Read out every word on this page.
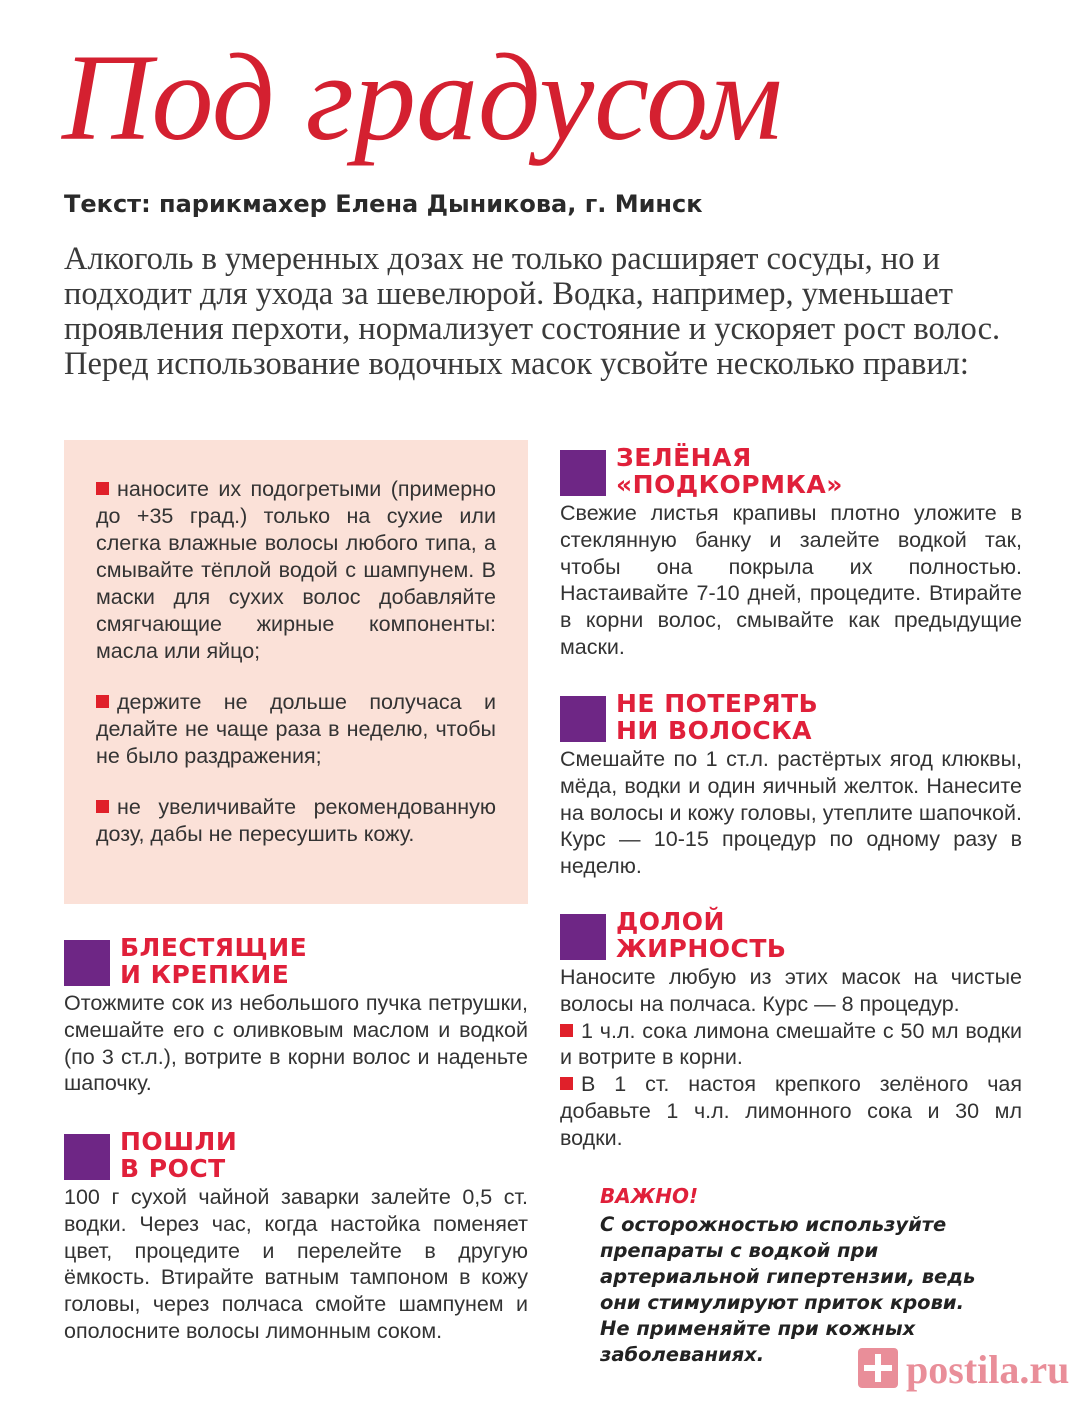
Под градусом

Текст: парикмахер Елена Дыникова, г. Минск

Алкоголь в умеренных дозах не только расширяет сосуды, но и подходит для ухода за шевелюрой. Водка, например, уменьшает проявления перхоти, нормализует состояние и ускоряет рост волос. Перед использование водочных масок усвойте несколько правил:

наносите их подогретыми (примерно до +35 град.) только на сухие или слегка влажные волосы любого типа, а смывайте тёплой водой с шампунем. В маски для сухих волос добавляйте смягчающие жирные компоненты: масла или яйцо;

держите не дольше получаса и делайте не чаще раза в неделю, чтобы не было раздражения;

не увеличивайте рекомендованную дозу, дабы не пересушить кожу.

БЛЕСТЯЩИЕ
И КРЕПКИЕ

Отожмите сок из небольшого пучка петрушки, смешайте его с оливковым маслом и водкой (по 3 ст.л.), вотрите в корни волос и наденьте шапочку.

ПОШЛИ
В РОСТ

100 г сухой чайной заварки залейте 0,5 ст. водки. Через час, когда настойка поменяет цвет, процедите и перелейте в другую ёмкость. Втирайте ватным тампоном в кожу головы, через полчаса смойте шампунем и ополосните волосы лимонным соком.

ЗЕЛЁНАЯ
«ПОДКОРМКА»

Свежие листья крапивы плотно уложите в стеклянную банку и залейте водкой так, чтобы она покрыла их полностью. Настаивайте 7-10 дней, процедите. Втирайте в корни волос, смывайте как предыдущие маски.

НЕ ПОТЕРЯТЬ
НИ ВОЛОСКА

Смешайте по 1 ст.л. растёртых ягод клюквы, мёда, водки и один яичный желток. Нанесите на волосы и кожу головы, утеплите шапочкой. Курс — 10-15 процедур по одному разу в неделю.

ДОЛОЙ
ЖИРНОСТЬ

Наносите любую из этих масок на чистые волосы на полчаса. Курс — 8 процедур.

1 ч.л. сока лимона смешайте с 50 мл водки и вотрите в корни.

В 1 ст. настоя крепкого зелёного чая добавьте 1 ч.л. лимонного сока и 30 мл водки.

ВАЖНО!

С осторожностью используйте препараты с водкой при артериальной гипертензии, ведь они стимулируют приток крови. Не применяйте при кожных заболеваниях.	postila.ru
